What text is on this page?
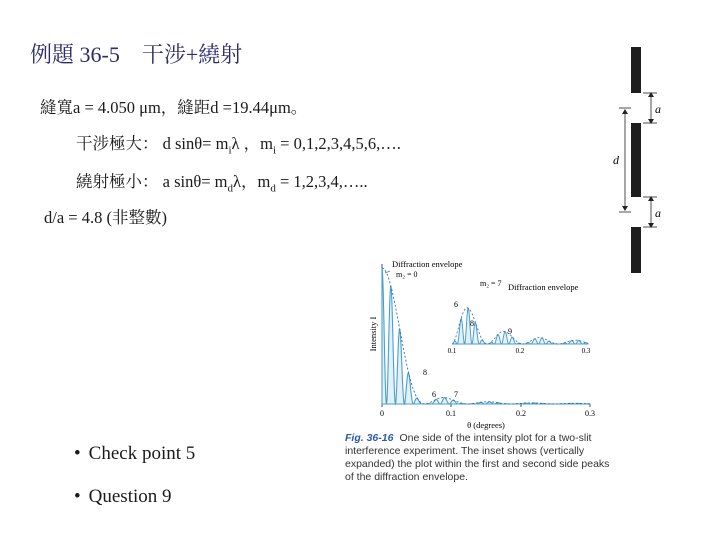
例題 36-5　干涉+繞射
縫寬a = 4.050 μm，縫距d =19.44μm。
干涉極大： d $\sin\theta= m_i\lambda$ ，$m_i$ = 0,1,2,3,4,5,6,….
繞射極小： a $\sin\theta= m_d\lambda$，$m_d$ = 1,2,3,4,…..
d/a = 4.8 (非整數)
• Check point 5
• Question 9
a
d
a
Diffraction envelope
m₂ = 0
6 7
8
0	0.1	0.2	0.3
θ (degrees)
Intensity I
Diffraction envelope
m₂ = 7
6
8
9
0.1	0.2	0.3
Fig. 36-16 One side of the intensity plot for a two-slit interference experiment. The inset shows (vertically expanded) the plot within the first and second side peaks of the diffraction envelope.
